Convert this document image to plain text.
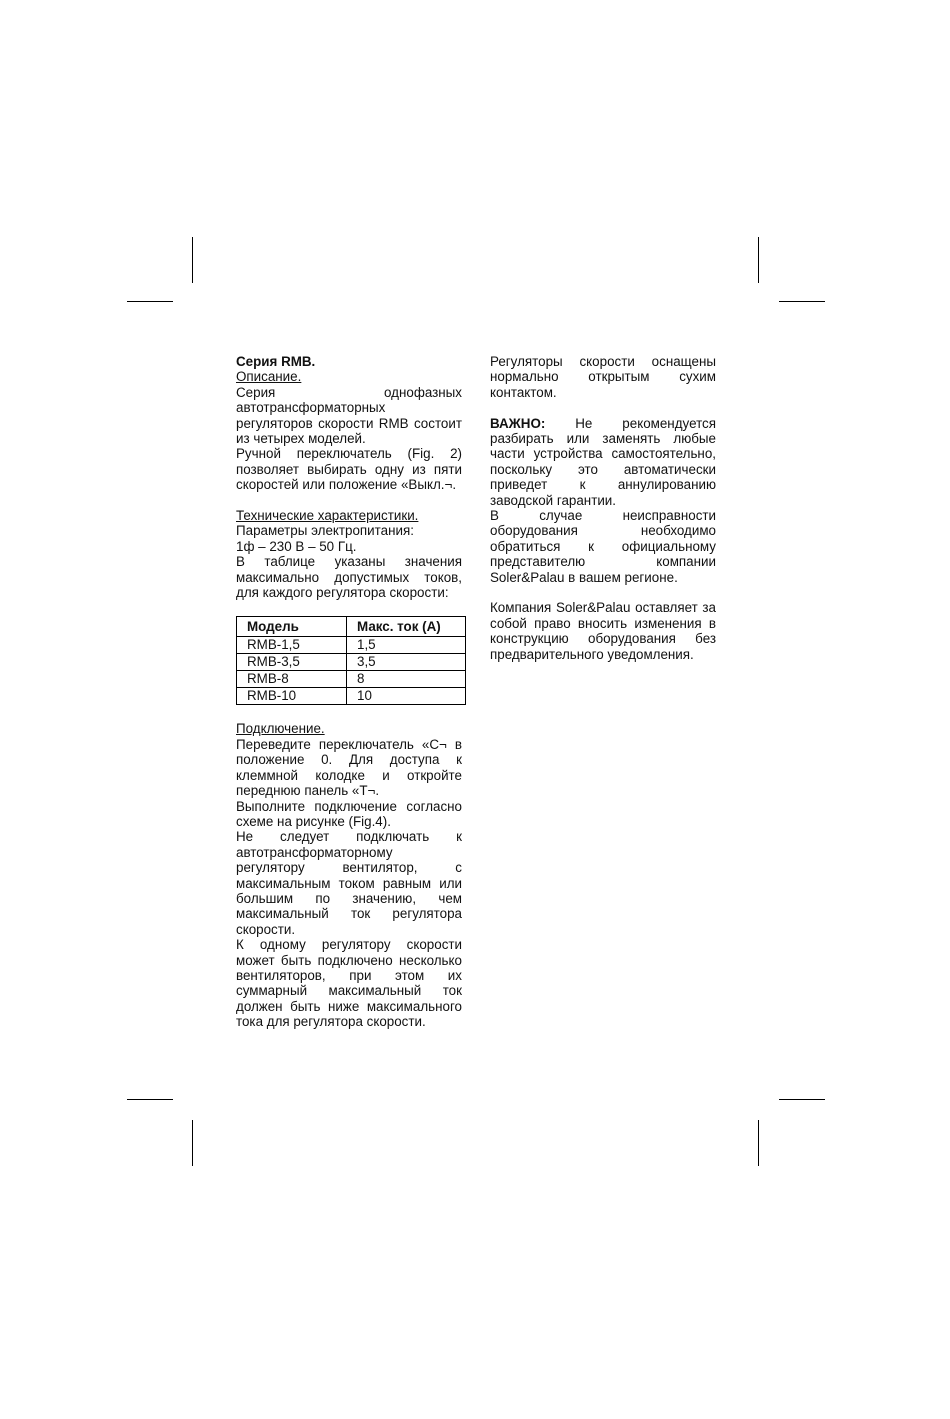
Серия RMB.

Описание.

Серия однофазных автотрансформаторных регуляторов скорости RMB состоит из четырех моделей.

Ручной переключатель (Fig. 2) позволяет выбирать одну из пяти скоростей или положение «Выкл.¬.

Технические характеристики.

Параметры электропитания:

1ф – 230 В – 50 Гц.

В таблице указаны значения максимально допустимых токов, для каждого регулятора скорости:

Модель	Макс. ток (А)
RMB-1,5	1,5
RMB-3,5	3,5
RMB-8	8
RMB-10	10

Подключение.

Переведите переключатель «С¬ в положение 0. Для доступа к клеммной колодке и откройте переднюю панель «Т¬.

Выполните подключение согласно схеме на рисунке (Fig.4).

Не следует подключать к автотрансформаторному регулятору вентилятор, с максимальным током равным или большим по значению, чем максимальный ток регулятора скорости.

К одному регулятору скорости может быть подключено несколько вентиляторов, при этом их суммарный максимальный ток должен быть ниже максимального тока для регулятора скорости.

Регуляторы скорости оснащены нормально открытым сухим контактом.

ВАЖНО: Не рекомендуется разбирать или заменять любые части устройства самостоятельно, поскольку это автоматически приведет к аннулированию заводской гарантии.

В случае неисправности оборудования необходимо обратиться к официальному представителю компании Soler&Palau в вашем регионе.

Компания Soler&Palau оставляет за собой право вносить изменения в конструкцию оборудования без предварительного уведомления.
